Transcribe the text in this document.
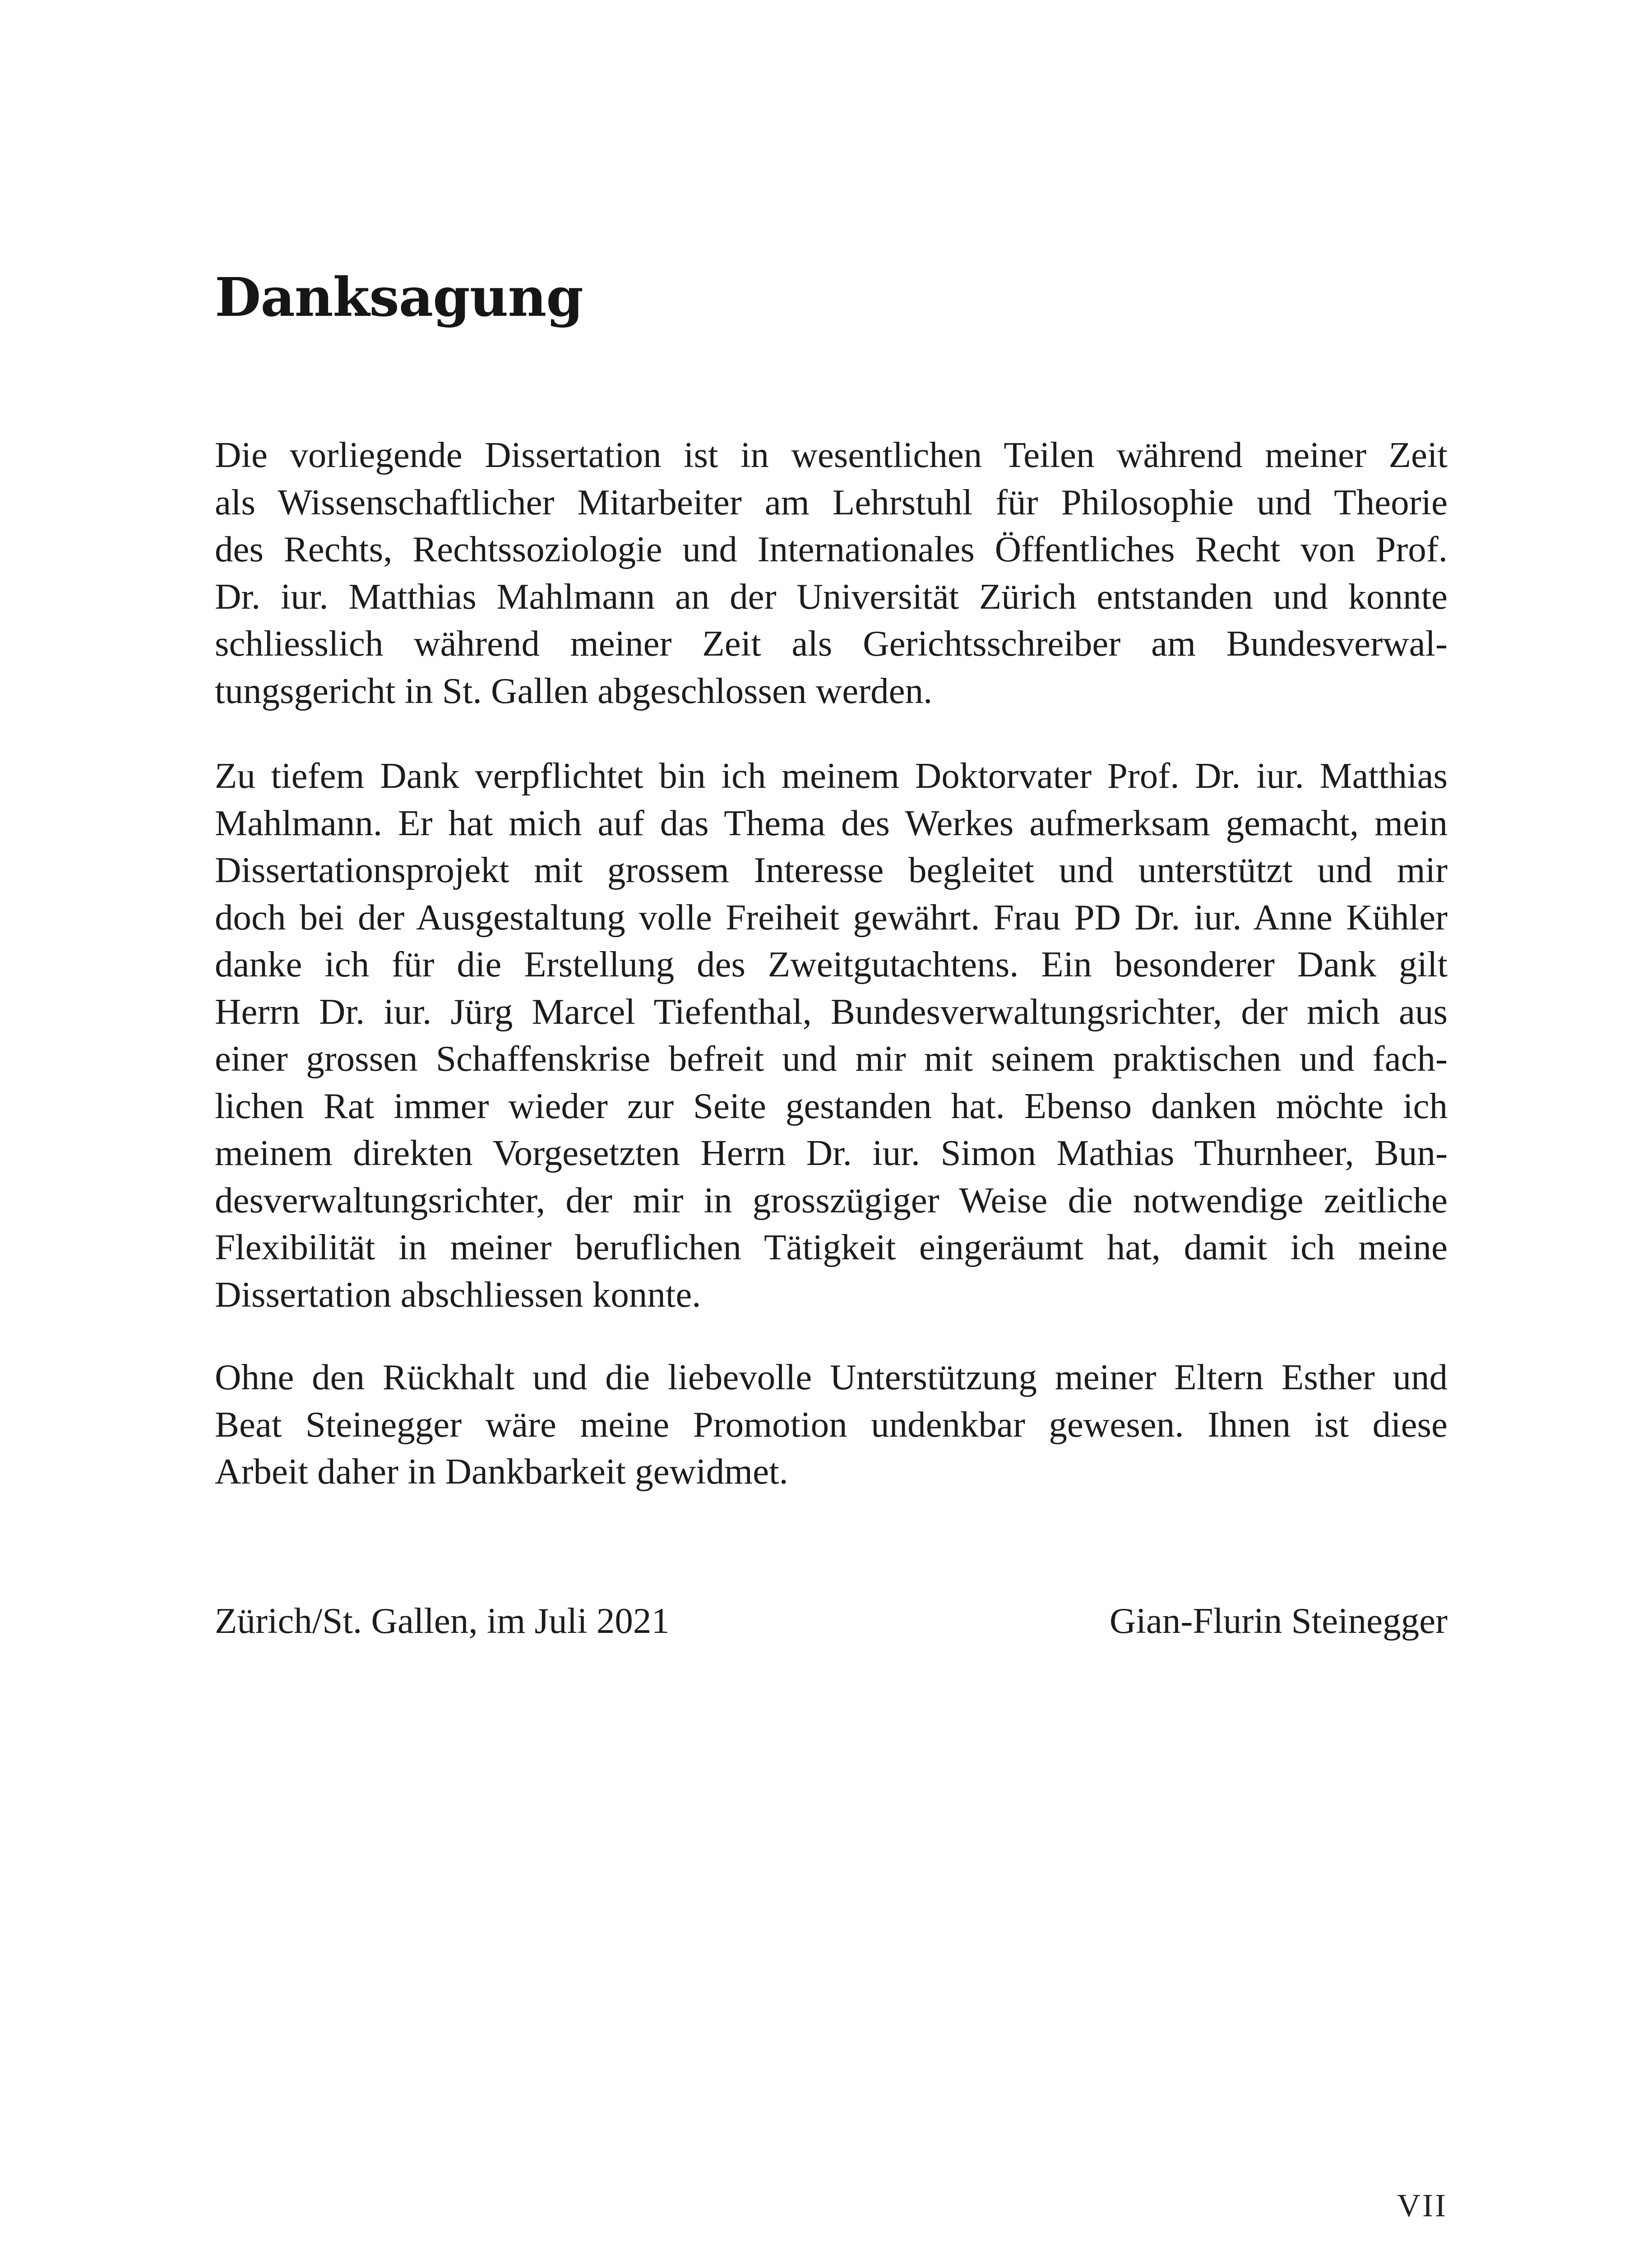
Danksagung
Die vorliegende Dissertation ist in wesentlichen Teilen während meiner Zeit
als Wissenschaftlicher Mitarbeiter am Lehrstuhl für Philosophie und Theorie
des Rechts, Rechtssoziologie und Internationales Öffentliches Recht von Prof.
Dr. iur. Matthias Mahlmann an der Universität Zürich entstanden und konnte
schliesslich während meiner Zeit als Gerichtsschreiber am Bundesverwal-
tungsgericht in St. Gallen abgeschlossen werden.
Zu tiefem Dank verpflichtet bin ich meinem Doktorvater Prof. Dr. iur. Matthias
Mahlmann. Er hat mich auf das Thema des Werkes aufmerksam gemacht, mein
Dissertationsprojekt mit grossem Interesse begleitet und unterstützt und mir
doch bei der Ausgestaltung volle Freiheit gewährt. Frau PD Dr. iur. Anne Kühler
danke ich für die Erstellung des Zweitgutachtens. Ein besonderer Dank gilt
Herrn Dr. iur. Jürg Marcel Tiefenthal, Bundesverwaltungsrichter, der mich aus
einer grossen Schaffenskrise befreit und mir mit seinem praktischen und fach-
lichen Rat immer wieder zur Seite gestanden hat. Ebenso danken möchte ich
meinem direkten Vorgesetzten Herrn Dr. iur. Simon Mathias Thurnheer, Bun-
desverwaltungsrichter, der mir in grosszügiger Weise die notwendige zeitliche
Flexibilität in meiner beruflichen Tätigkeit eingeräumt hat, damit ich meine
Dissertation abschliessen konnte.
Ohne den Rückhalt und die liebevolle Unterstützung meiner Eltern Esther und
Beat Steinegger wäre meine Promotion undenkbar gewesen. Ihnen ist diese
Arbeit daher in Dankbarkeit gewidmet.
Zürich/St. Gallen, im Juli 2021	Gian-Flurin Steinegger
VII
